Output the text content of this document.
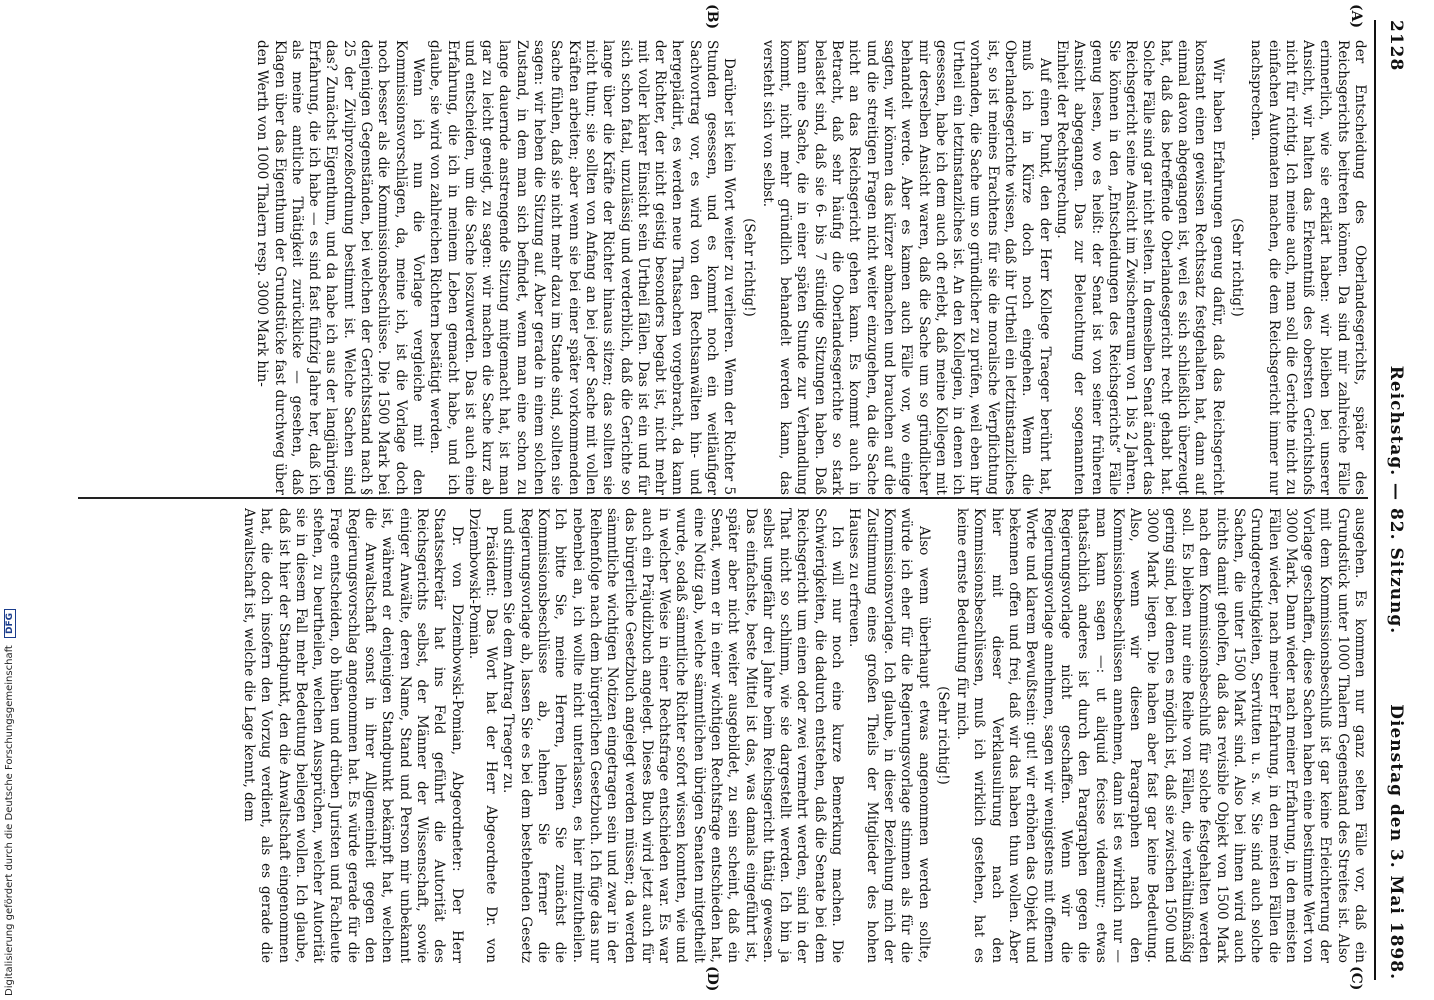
2128
Reichstag. — 82. Sitzung.
Dienstag den 3. Mai 1898.
(A)
(B)
(C)
(D)

der Entscheidung des Oberlandesgerichts, später des Reichsgerichts beitreten können. Da sind mir zahlreiche Fälle erinnerlich, wie sie erklärt haben: wir bleiben bei unserer Ansicht, wir halten das Erkenntniß des obersten Gerichtshofs nicht für richtig. Ich meine auch, man soll die Gerichte nicht zu einfachen Automaten machen, die dem Reichsgericht immer nur nachsprechen.

(Sehr richtig!)

Wir haben Erfahrungen genug dafür, daß das Reichsgericht konstant einen gewissen Rechtssatz festgehalten hat, dann auf einmal davon abgegangen ist, weil es sich schließlich überzeugt hat, daß das betreffende Oberlandesgericht recht gehabt hat. Solche Fälle sind gar nicht selten. In demselben Senat ändert das Reichsgericht seine Ansicht im Zwischenraum von 1 bis 2 Jahren. Sie können in den „Entscheidungen des Reichsgerichts“ Fälle genug lesen, wo es heißt: der Senat ist von seiner früheren Ansicht abgegangen. Das zur Beleuchtung der sogenannten Einheit der Rechtsprechung.

Auf einen Punkt, den der Herr Kollege Traeger berührt hat, muß ich in Kürze doch noch eingehen. Wenn die Oberlandesgerichte wissen, daß ihr Urtheil ein letztinstanzliches ist, so ist meines Erachtens für sie die moralische Verpflichtung vorhanden, die Sache um so gründlicher zu prüfen, weil eben ihr Urtheil ein letztinstanzliches ist. An den Kollegien, in denen ich gesessen, habe ich dem auch oft erlebt, daß meine Kollegen mit mir derselben Ansicht waren, daß die Sache um so gründlicher behandelt werde. Aber es kamen auch Fälle vor, wo einige sagten, wir können das kürzer abmachen und brauchen auf die und die streitigen Fragen nicht weiter einzugehen, da die Sache nicht an das Reichsgericht gehen kann. Es kommt auch in Betracht, daß sehr häufig die Oberlandesgerichte so stark belastet sind, daß sie 6- bis 7 stündige Sitzungen haben. Daß kann eine Sache, die in einer späten Stunde zur Verhandlung kommt, nicht mehr gründlich behandelt werden kann, das versteht sich von selbst.

(Sehr richtig!)

Darüber ist kein Wort weiter zu verlieren. Wenn der Richter 5 Stunden gesessen, und es kommt noch ein weitläufiger Sachvortrag vor, es wird von den Rechtsanwälten hin- und hergeplädirt, es werden neue Thatsachen vorgebracht, da kann der Richter, der nicht geistig besonders begabt ist, nicht mehr mit voller klarer Einsicht sein Urtheil fällen. Das ist ein und für sich schon fatal, unzulässig und verderblich, daß die Gerichte so lange über die Kräfte der Richter hinaus sitzen; das sollten sie nicht thun; sie sollten von Anfang an bei jeder Sache mit vollen Kräften arbeiten; aber wenn sie bei einer später vorkommenden Sache fühlen, daß sie nicht mehr dazu im Stande sind, sollten sie sagen: wir heben die Sitzung auf. Aber gerade in einem solchen Zustand, in dem man sich befindet, wenn man eine schon zu lange dauernde anstrengende Sitzung mitgemacht hat, ist man gar zu leicht geneigt, zu sagen: wir machen die Sache kurz ab und entscheiden, um die Sache loszuwerden. Das ist auch eine Erfahrung, die ich in meinem Leben gemacht habe, und ich glaube, sie wird von zahlreichen Richtern bestätigt werden.

Wenn ich nun die Vorlage vergleiche mit den Kommissionsvorschlägen, da, meine ich, ist die Vorlage doch noch besser als die Kommissionsbeschlüsse. Die 1500 Mark bei denjenigen Gegenständen, bei welchen der Gerichtsstand nach § 25 der Zivilprozeßordnung bestimmt ist. Welche Sachen sind das? Zunächst Eigenthum, und da habe ich aus der langjährigen Erfahrung, die ich habe — es sind fast fünfzig Jahre her, daß ich als meine amtliche Thätigkeit zurücklicke — gesehen, daß Klagen über das Eigenthum der Grundstücke fast durchweg über den Werth von 1000 Thalern resp. 3000 Mark hin-

ausgehen. Es kommen nur ganz selten Fälle vor, daß ein Grundstück unter 1000 Thalern Gegenstand des Streites ist. Also mit dem Kommissionsbeschluß ist gar keine Erleichterung der Vorlage geschaffen, diese Sachen haben eine bestimmte Wert von 3000 Mark. Dann wieder nach meiner Erfahrung, in den meisten Fällen wieder, nach meiner Erfahrung, in den meisten Fällen die Grundgerechtigkeiten, Servituten u. s. w. Sie sind auch solche Sachen, die unter 1500 Mark sind. Also bei ihnen wird auch nichts damit geholfen, daß das revisible Objekt von 1500 Mark nach dem Kommissionsbeschluß für solche festgehalten werden soll. Es bleiben nur eine Reihe von Fällen, die verhältnißmäßig gering sind, bei denen es möglich ist, daß sie zwischen 1500 und 3000 Mark liegen. Die haben aber fast gar keine Bedeutung. Also, wenn wir diesen Paragraphen nach den Kommissionsbeschlüssen annehmen, dann ist es wirklich nur — man kann sagen —: ut aliquid fecisse videamur; etwas thatsächlich anderes ist durch den Paragraphen gegen die Regierungsvorlage nicht geschaffen. Wenn wir die Regierungsvorlage annehmen, sagen wir wenigstens mit offenem Worte und klarem Bewußtsein: gut! wir erhöhen das Objekt und bekennen offen und frei, daß wir das haben thun wollen. Aber hier mit dieser Verklausulirung nach den Kommissionsbeschlüssen, muß ich wirklich gestehen, hat es keine ernste Bedeutung für mich.

(Sehr richtig!)

Also wenn überhaupt etwas angenommen werden sollte, würde ich eher für die Regierungsvorlage stimmen als für die Kommissionsvorlage. Ich glaube, in dieser Beziehung mich der Zustimmung eines großen Theils der Mitglieder des hohen Hauses zu erfreuen.

Ich will nur noch eine kurze Bemerkung machen. Die Schwierigkeiten, die dadurch entstehen, daß die Senate bei dem Reichsgericht um einen oder zwei vermehrt werden, sind in der That nicht so schlimm, wie sie dargestellt werden. Ich bin ja selbst ungefähr drei Jahre beim Reichsgericht thätig gewesen. Das einfachste, beste Mittel ist das, was damals eingeführt ist, später aber nicht weiter ausgebildet, zu sein scheint, daß ein Senat, wenn er in einer wichtigen Rechtsfrage entschieden hat, eine Notiz gab, welche sämmtlichen übrigen Senaten mitgetheilt wurde, sodaß sämmtliche Richter sofort wissen konnten, wie und in welcher Weise in einer Rechtsfrage entschieden war. Es war auch ein Präjudizbuch angelegt. Dieses Buch wird jetzt auch für das bürgerliche Gesetzbuch angelegt werden müssen; da werden sämmtliche wichtigen Notizen eingetragen sein und zwar in der Reihenfolge nach dem bürgerlichen Gesetzbuch. Ich füge das nur nebenbei an, ich wollte nicht unterlassen, es hier mitzutheilen. Ich bitte Sie, meine Herren, lehnen Sie zunächst die Kommissionsbeschlüsse ab, lehnen Sie ferner die Regierungsvorlage ab, lassen Sie es bei dem bestehenden Gesetz und stimmen Sie dem Antrag Traeger zu.

Präsident: Das Wort hat der Herr Abgeordnete Dr. von Dziembowski-Pomian.

Dr. von Dziembowski-Pomian, Abgeordneter: Der Herr Staatssekretär hat ins Feld geführt die Autorität des Reichsgerichts selbst, der Männer der Wissenschaft, sowie einiger Anwälte, deren Name, Stand und Person mir unbekannt ist, während er denjenigen Standpunkt bekämpft hat, welchen die Anwaltschaft sonst in ihrer Allgemeinheit gegen den Regierungsvorschlag angenommen hat. Es würde gerade für die Frage entscheiden, ob hüben und drüben Juristen und Fachleute stehen, zu beurtheilen, welchen Aussprüchen, welcher Autorität sie in diesem Fall mehr Bedeutung beilegen wollen. Ich glaube, daß ist hier der Standpunkt, den die Anwaltschaft eingenommen hat, die doch insofern den Vorzug verdient, als es gerade die Anwaltschaft ist, welche die Lage kennt, dem

Digitalisierung gefördert durch die Deutsche Forschungsgemeinschaft DFG
